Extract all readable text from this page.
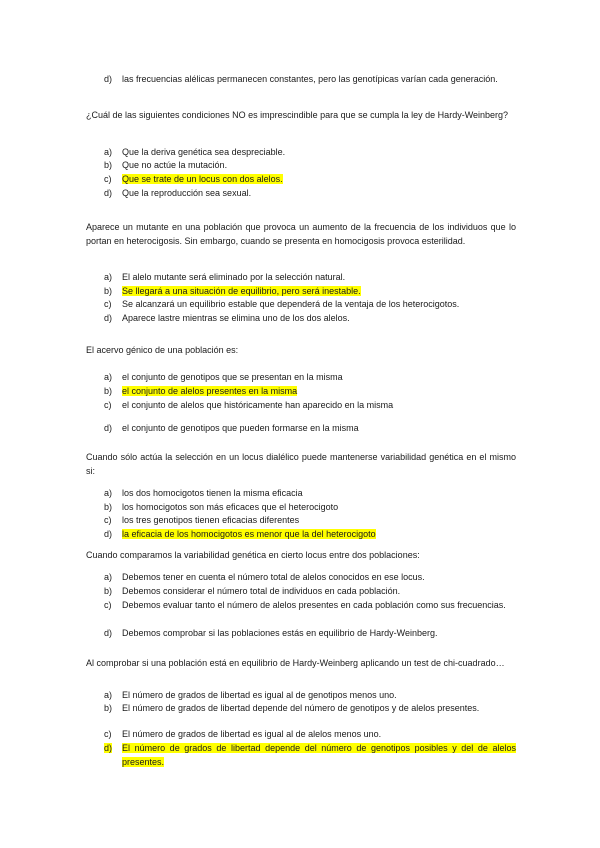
d)	las frecuencias alélicas permanecen constantes, pero las genotípicas varían cada generación.

¿Cuál de las siguientes condiciones NO es imprescindible para que se cumpla la ley de Hardy-Weinberg?

a)	Que la deriva genética sea despreciable.
b)	Que no actúe la mutación.
c)	Que se trate de un locus con dos alelos.
d)	Que la reproducción sea sexual.

Aparece un mutante en una población que provoca un aumento de la frecuencia de los individuos que lo portan en heterocigosis. Sin embargo, cuando se presenta en homocigosis provoca esterilidad.

a)	El alelo mutante será eliminado por la selección natural.
b)	Se llegará a una situación de equilibrio, pero será inestable.
c)	Se alcanzará un equilibrio estable que dependerá de la ventaja de los heterocigotos.
d)	Aparece lastre mientras se elimina uno de los dos alelos.

El acervo génico de una población es:

a)	el conjunto de genotipos que se presentan en la misma
b)	el conjunto de alelos presentes en la misma
c)	el conjunto de alelos que históricamente han aparecido en la misma
d)	el conjunto de genotipos que pueden formarse en la misma

Cuando sólo actúa la selección en un locus dialélico puede mantenerse variabilidad genética en el mismo si:

a)	los dos homocigotos tienen la misma eficacia
b)	los homocigotos son más eficaces que el heterocigoto
c)	los tres genotipos tienen eficacias diferentes
d)	la eficacia de los homocigotos es menor que la del heterocigoto

Cuando comparamos la variabilidad genética en cierto locus entre dos poblaciones:

a)	Debemos tener en cuenta el número total de alelos conocidos en ese locus.
b)	Debemos considerar el número total de individuos en cada población.
c)	Debemos evaluar tanto el número de alelos presentes en cada población como sus frecuencias.
d)	Debemos comprobar si las poblaciones estás en equilibrio de Hardy-Weinberg.

Al comprobar si una población está en equilibrio de Hardy-Weinberg aplicando un test de chi-cuadrado…

a)	El número de grados de libertad es igual al de genotipos menos uno.
b)	El número de grados de libertad depende del número de genotipos y de alelos presentes.
c)	El número de grados de libertad es igual al de alelos menos uno.
d)	El número de grados de libertad depende del número de genotipos posibles y del de alelos presentes.
